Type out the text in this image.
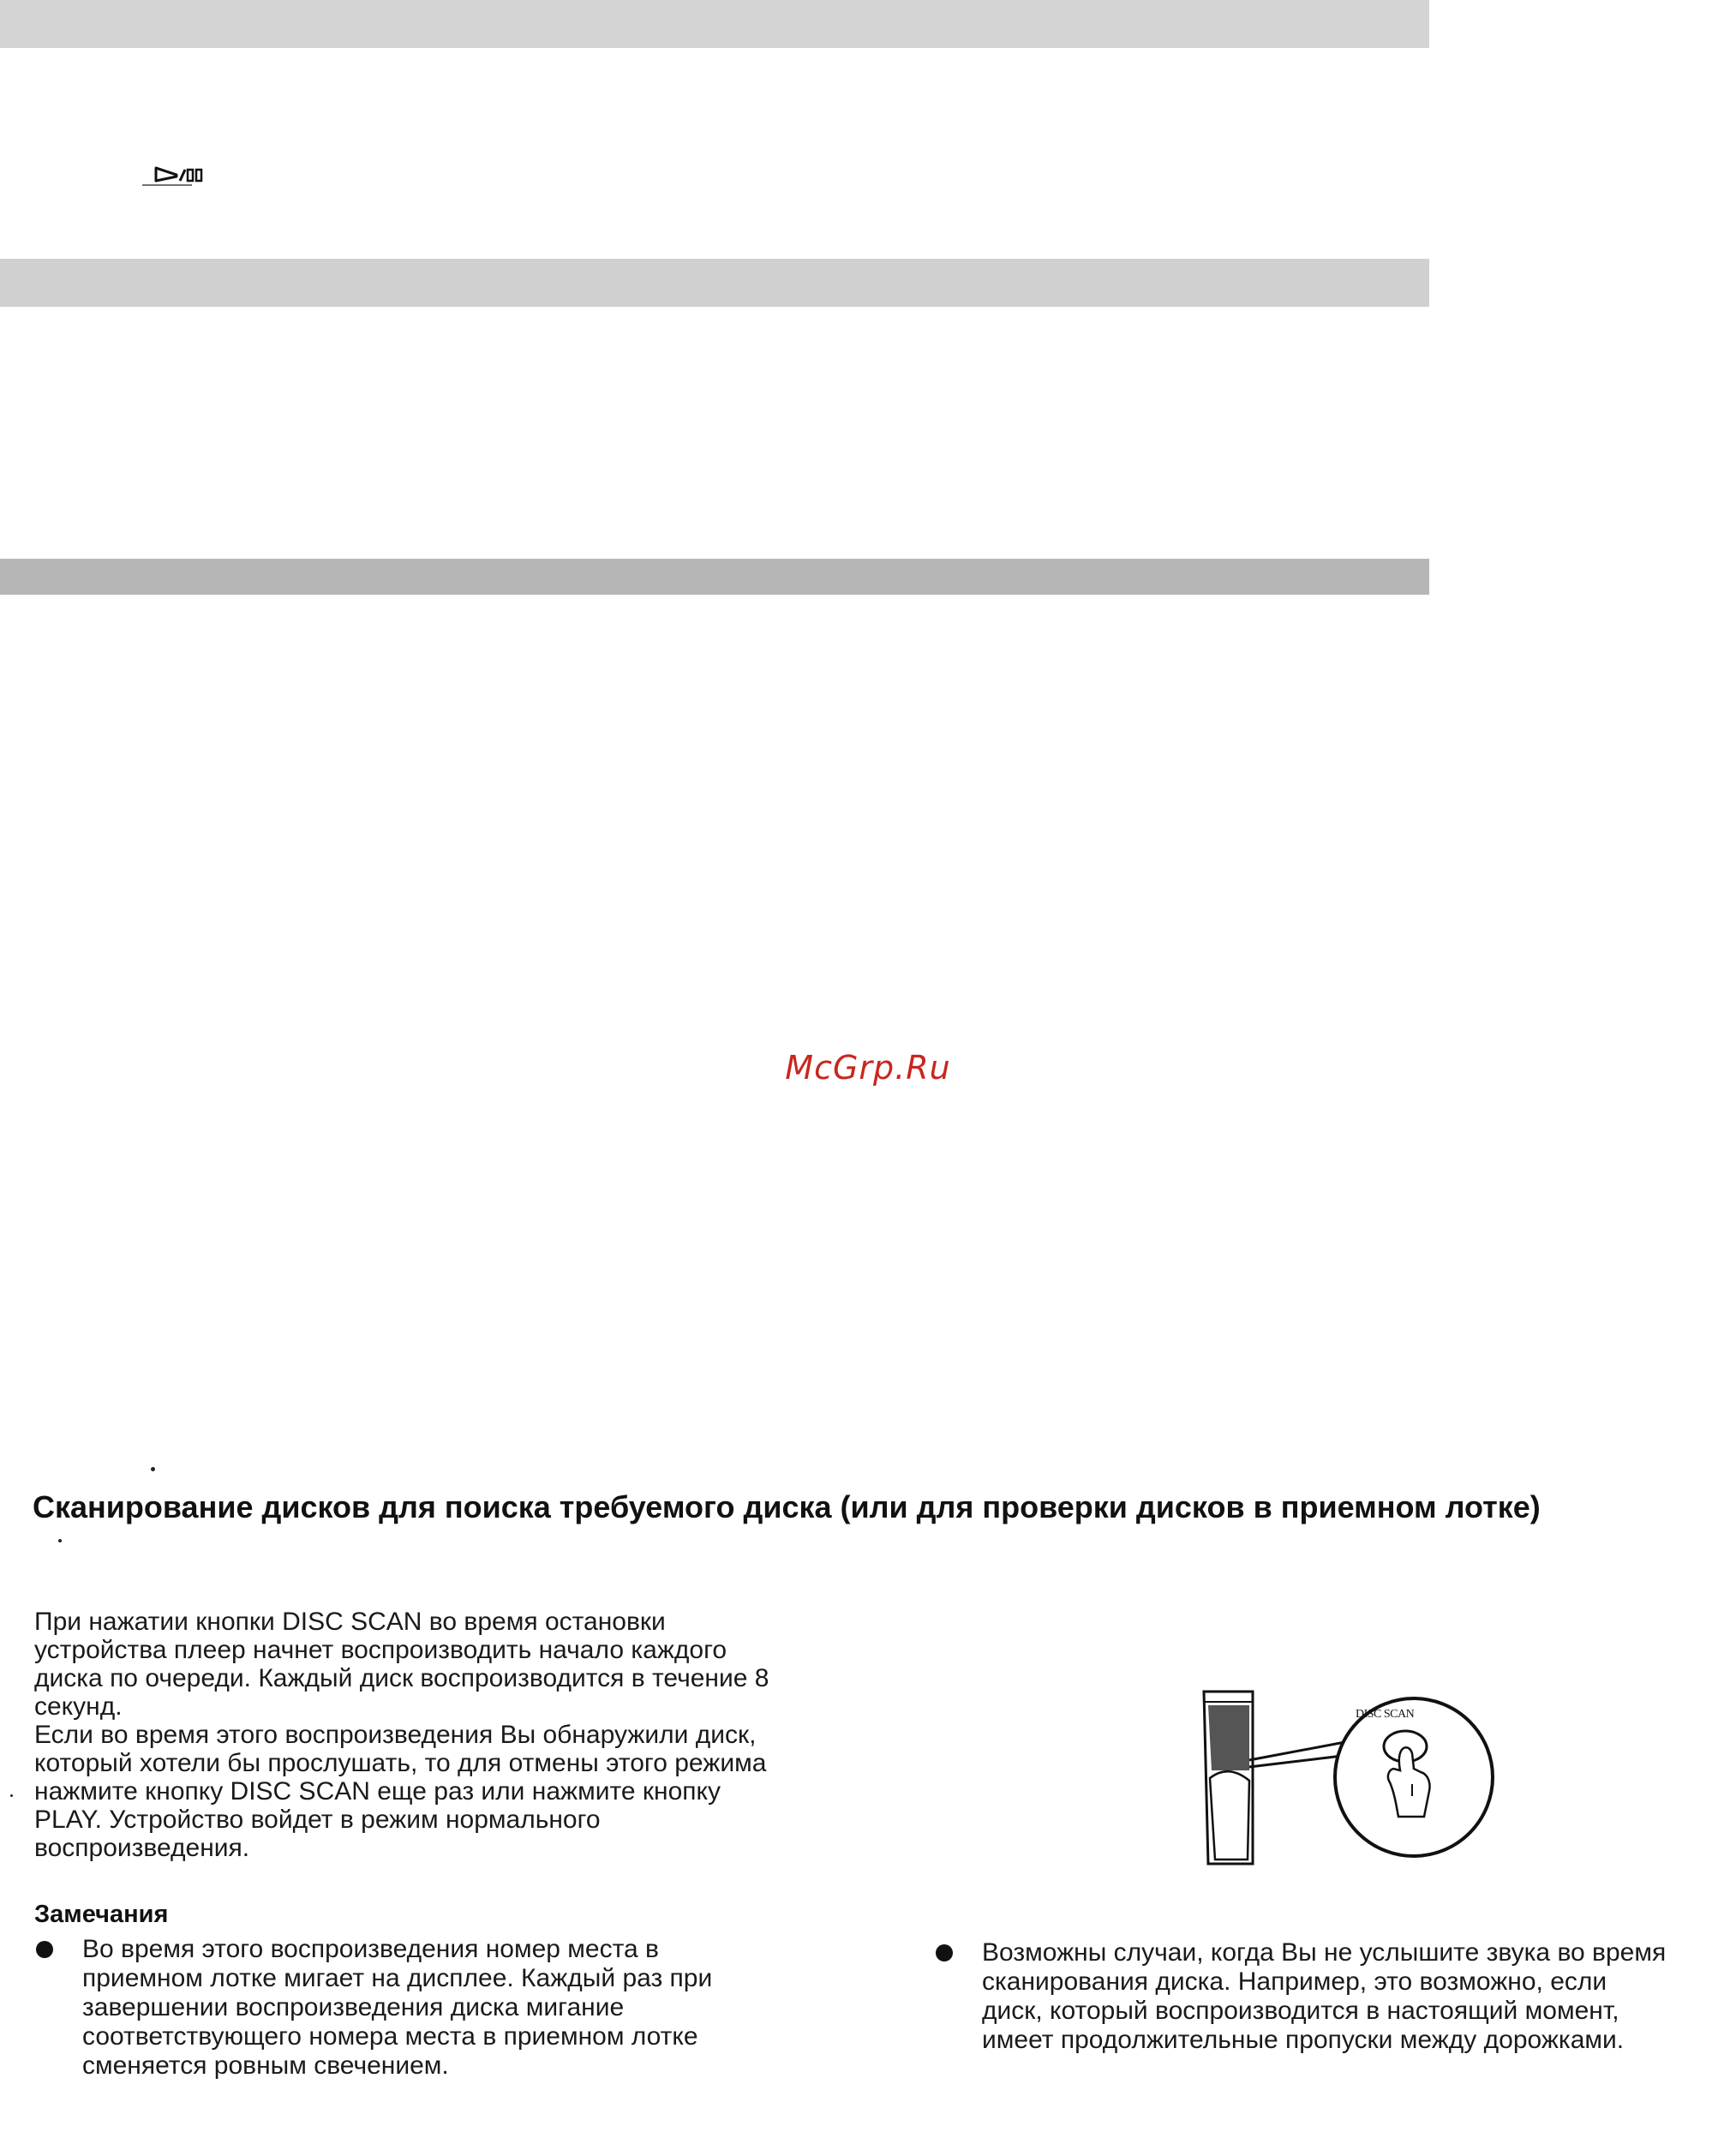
McGrp.Ru
Сканирование дисков для поиска требуемого диска (или для проверки дисков в приемном лотке)

При нажатии кнопки DISC SCAN во время остановки

устройства плеер начнет воспроизводить начало каждого

диска по очереди. Каждый диск воспроизводится в течение 8

секунд.

Если во время этого воспроизведения Вы обнаружили диск,

который хотели бы прослушать, то для отмены этого режима

нажмите кнопку DISC SCAN еще раз или нажмите кнопку

PLAY. Устройство войдет в режим нормального

воспроизведения.

DISC SCAN
Замечания
Во время этого воспроизведения номер места в
приемном лотке мигает на дисплее. Каждый раз при
завершении воспроизведения диска мигание
соответствующего номера места в приемном лотке
сменяется ровным свечением.
Возможны случаи, когда Вы не услышите звука во время
сканирования диска. Например, это возможно, если
диск, который воспроизводится в настоящий момент,
имеет продолжительные пропуски между дорожками.
